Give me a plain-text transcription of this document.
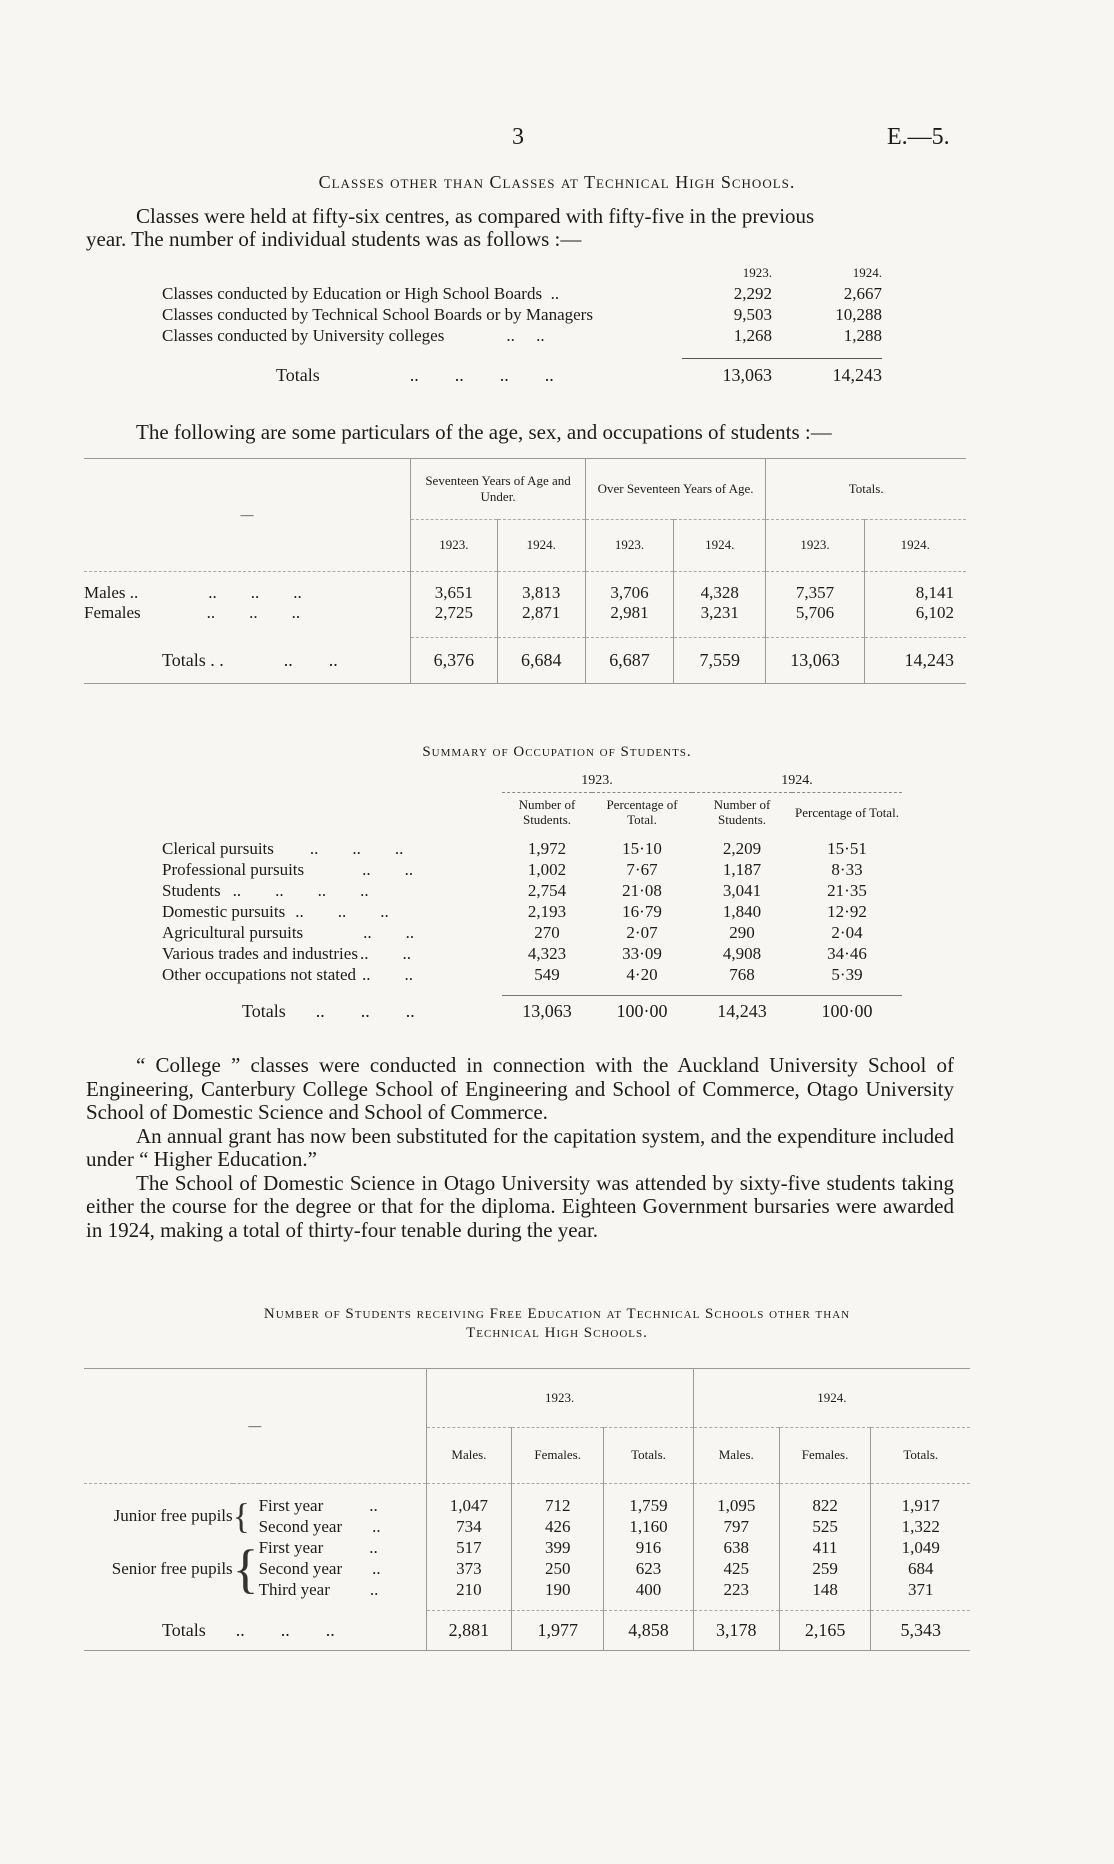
3	E.—5.
Classes other than Classes at Technical High Schools.
Classes were held at fifty-six centres, as compared with fifty-five in the previous
year. The number of individual students was as follows :—
	1923.	1924.
Classes conducted by Education or High School Boards ..	2,292	2,667
Classes conducted by Technical School Boards or by Managers	9,503	10,288
Classes conducted by University colleges ..     ..	1,268	1,288

Totals ..        ..        ..        ..	13,063	14,243
The following are some particulars of the age, sex, and occupations of students :—
—	Seventeen Years of Age and Under.		Over Seventeen Years of Age.		Totals.	
	1923.	1924.	1923.	1924.	1923.	1924.

Males .. ..        ..        ..	3,651	3,813	3,706	4,328	7,357	8,141
Females ..        ..        ..	2,725	2,871	2,981	3,231	5,706	6,102

Totals . . ..        ..	6,376	6,684	6,687	7,559	13,063	14,243
Summary of Occupation of Students.
	1923.		1924.	
	Number of Students.	Percentage of Total.	Number of Students.	Percentage of Total.

Clerical pursuits ..        ..        ..	1,972	15·10	2,209	15·51
Professional pursuits ..        ..	1,002	7·67	1,187	8·33
Students ..        ..        ..        ..	2,754	21·08	3,041	21·35
Domestic pursuits ..        ..        ..	2,193	16·79	1,840	12·92
Agricultural pursuits ..        ..	270	2·07	290	2·04
Various trades and industries ..        ..	4,323	33·09	4,908	34·46
Other occupations not stated ..        ..	549	4·20	768	5·39

Totals ..        ..        ..	13,063	100·00	14,243	100·00

“ College ” classes were conducted in connection with the Auckland University School of Engineering, Canterbury College School of Engineering and School of Commerce, Otago University School of Domestic Science and School of Commerce.

An annual grant has now been substituted for the capitation system, and the expenditure included under “ Higher Education.”

The School of Domestic Science in Otago University was attended by sixty-five students taking either the course for the degree or that for the diploma. Eighteen Government bursaries were awarded in 1924, making a total of thirty-four tenable during the year.

Number of Students receiving Free Education at Technical Schools other than
Technical High Schools.
—			1923.			1924.		
			Males.	Females.	Totals.	Males.	Females.	Totals.

Junior free pupils	{	First year ..	1,047	712	1,759	1,095	822	1,917
		Second year ..	734	426	1,160	797	525	1,322
Senior free pupils	{	First year ..	517	399	916	638	411	1,049
		Second year ..	373	250	623	425	259	684
		Third year ..	210	190	400	223	148	371

Totals ..        ..        ..			2,881	1,977	4,858	3,178	2,165	5,343
